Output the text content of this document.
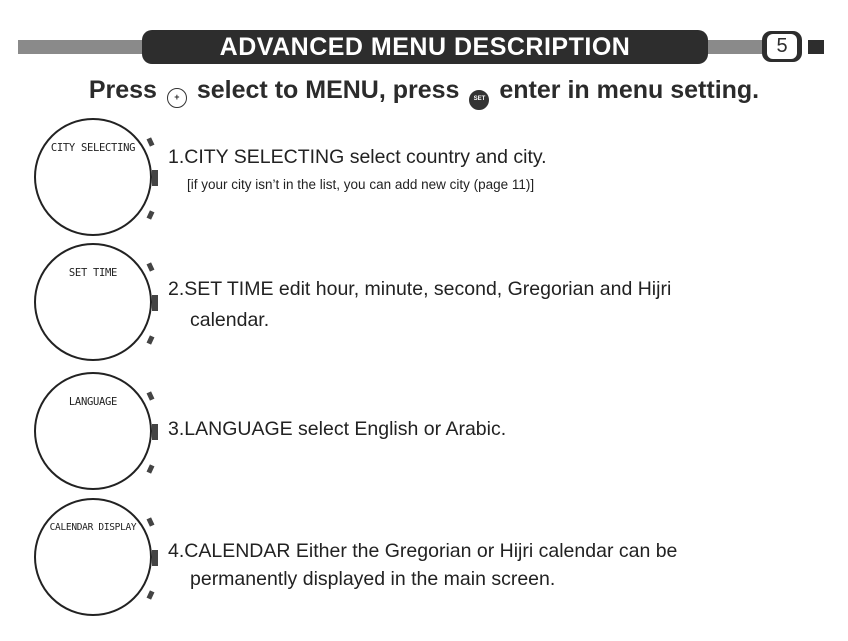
ADVANCED MENU DESCRIPTION	5
Press + select to MENU, press SET enter in menu setting.
CITY SELECTING	1.CITY SELECTING select country and city.
[if your city isn’t in the list, you can add new city (page 11)]
SET TIME
2.SET TIME edit hour, minute, second, Gregorian and Hijri
calendar.
LANGUAGE
3.LANGUAGE select English or Arabic.
CALENDAR DISPLAY
4.CALENDAR Either the Gregorian or Hijri calendar can be
permanently displayed in the main screen.
